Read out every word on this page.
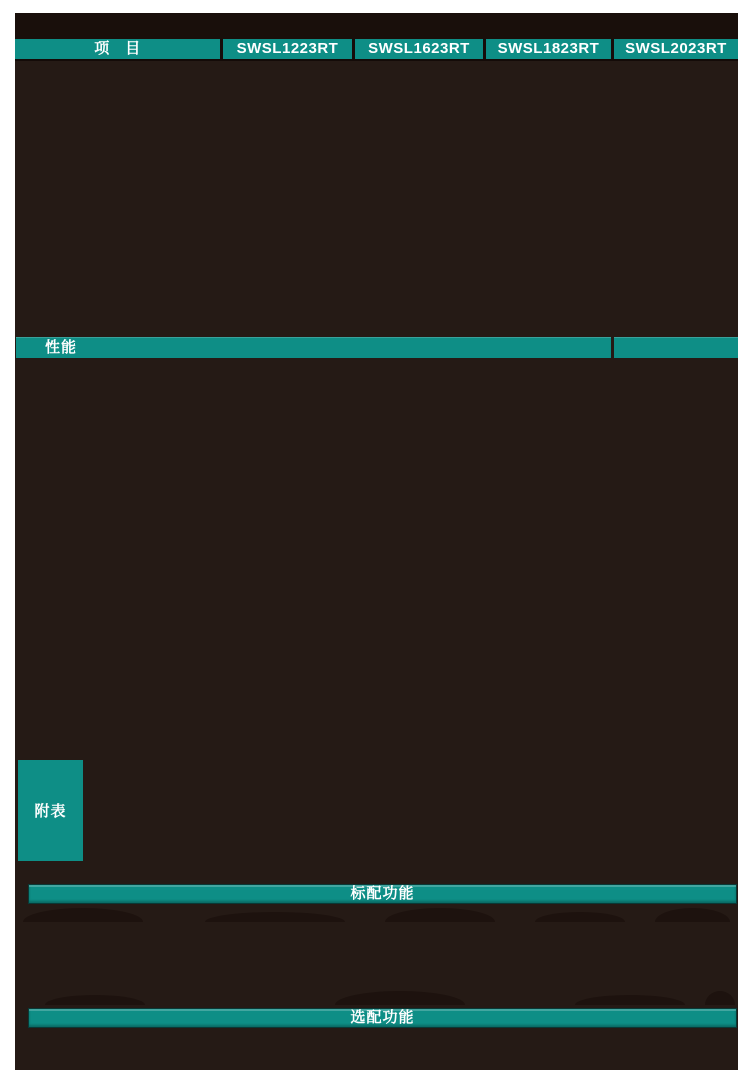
项　目	SWSL1223RT	SWSL1623RT	SWSL1823RT	SWSL2023RT
性能
附表
标配功能
选配功能
